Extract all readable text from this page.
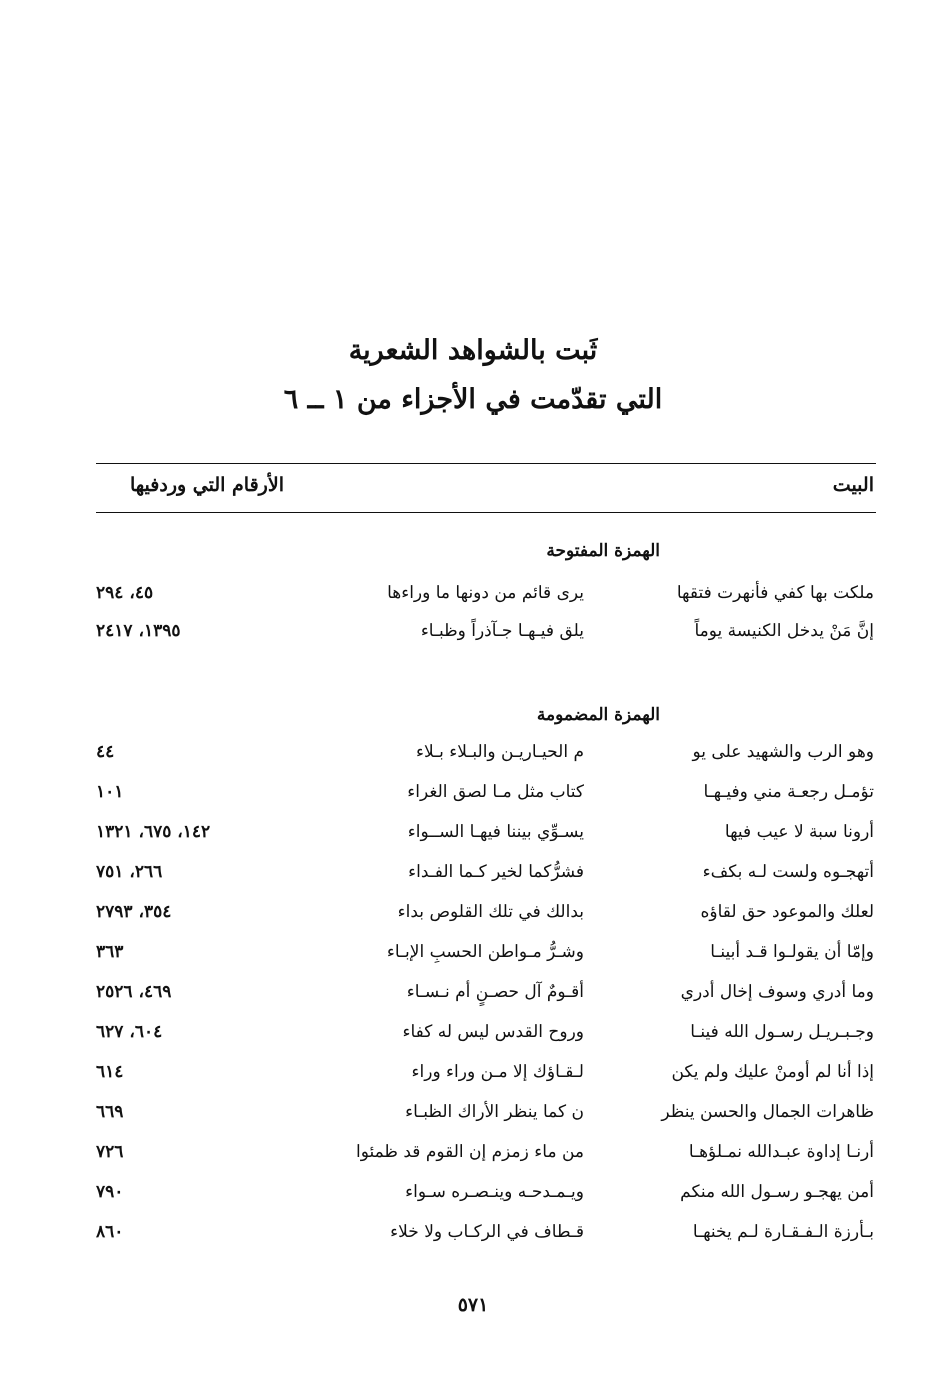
ثَبت بالشواهد الشعرية
التي تقدّمت في الأجزاء من ١ ــ ٦
البيت
الأرقام التي وردفيها
الهمزة المفتوحة
ملكت بها كفي فأنهرت فتقها
يرى قائم من دونها ما وراءها
٤٥، ٢٩٤
إنَّ مَنْ يدخل الكنيسة يوماً
يلق فيـهـا جـآذراً وظبـاء
١٣٩٥، ٢٤١٧
الهمزة المضمومة
وهو الرب والشهيد على يو
م الحيـاريـن والبـلاء بـلاء
٤٤
تؤمـل رجعـة مني وفيـهـا
كتاب مثل مـا لصق الغراء
١٠١
أرونا سبة لا عيب فيها
يسـوِّي بيننا فيهـا الســواء
١٤٢، ٦٧٥، ١٣٢١
أتهجـوه ولست لـه بكفء
فشرُّكما لخير كـما الفـداء
٢٦٦، ٧٥١
لعلك والموعود حق لقاؤه
بدالك في تلك القلوص بداء
٣٥٤، ٢٧٩٣
وإمّا أن يقولـوا قـد أبينـا
وشـرُّ مـواطن الحسبِ الإبـاء
٣٦٣
وما أدري وسوف إخال أدري
أقـومٌ آل حصـنٍ أم نـسـاء
٤٦٩، ٢٥٢٦
وجـبـريـل رسـول الله فينـا
وروح القدس ليس له كفاء
٦٠٤، ٦٢٧
إذا أنا لم أومنْ عليك ولم يكن
لـقـاؤك إلا مـن وراء وراء
٦١٤
ظاهرات الجمال والحسن ينظر
ن كما ينظر الأراك الظبـاء
٦٦٩
أرنـا إداوة عبـدالله نمـلؤهـا
من ماء زمزم إن القوم قد ظمئوا
٧٢٦
أمن يهجـو رسـول الله منكم
ويـمـدحـه وينـصـره سـواء
٧٩٠
بـأرزة الـفـقـارة لـم يخنهـا
قـطاف في الركـاب ولا خلاء
٨٦٠
٥٧١
